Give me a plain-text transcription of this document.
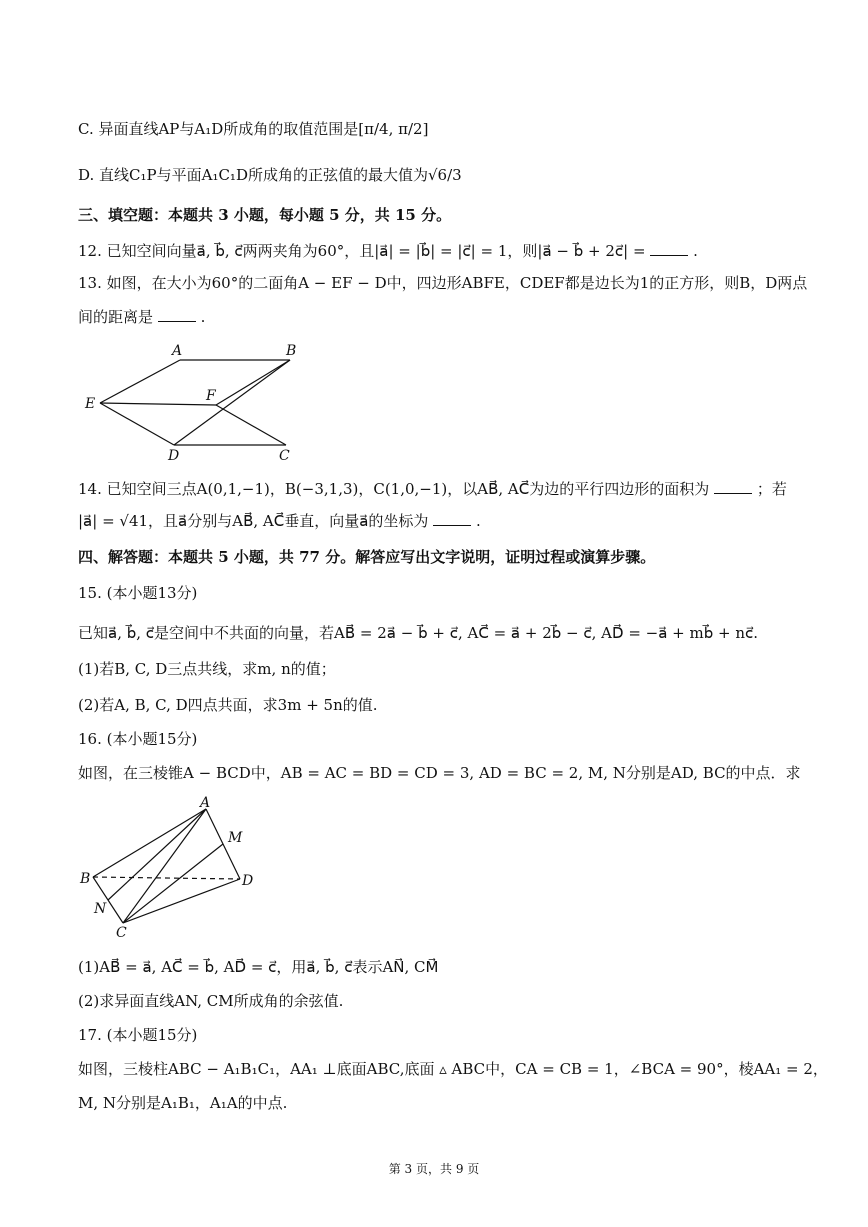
C. 异面直线AP与A₁D所成角的取值范围是[π/4, π/2]
D. 直线C₁P与平面A₁C₁D所成角的正弦值的最大值为√6/3
三、填空题：本题共 3 小题，每小题 5 分，共 15 分。
12. 已知空间向量a⃗, b⃗, c⃗两两夹角为60°，且|a⃗| = |b⃗| = |c⃗| = 1，则|a⃗ − b⃗ + 2c⃗| =	.
13. 如图，在大小为60°的二面角A − EF − D中，四边形ABFE，CDEF都是边长为1的正方形，则B，D两点
间的距离是	.
A	B
E	F
D	C
14. 已知空间三点A(0,1,−1)，B(−3,1,3)，C(1,0,−1)，以AB⃗, AC⃗为边的平行四边形的面积为	；若
|a⃗| = √41，且a⃗分别与AB⃗, AC⃗垂直，向量a⃗的坐标为	.
四、解答题：本题共 5 小题，共 77 分。解答应写出文字说明，证明过程或演算步骤。
15. (本小题13分)
已知a⃗, b⃗, c⃗是空间中不共面的向量，若AB⃗ = 2a⃗ − b⃗ + c⃗, AC⃗ = a⃗ + 2b⃗ − c⃗, AD⃗ = −a⃗ + mb⃗ + nc⃗.
(1)若B, C, D三点共线，求m, n的值；
(2)若A, B, C, D四点共面，求3m + 5n的值.
16. (本小题15分)
如图，在三棱锥A − BCD中，AB = AC = BD = CD = 3, AD = BC = 2, M, N分别是AD, BC的中点．求
A
M
B	D
N
C
(1)AB⃗ = a⃗, AC⃗ = b⃗, AD⃗ = c⃗，用a⃗, b⃗, c⃗表示AN⃗, CM⃗
(2)求异面直线AN, CM所成角的余弦值.
17. (本小题15分)
如图，三棱柱ABC − A₁B₁C₁，AA₁ ⊥底面ABC,底面 ▵ ABC中，CA = CB = 1，∠BCA = 90°，棱AA₁ = 2，
M, N分别是A₁B₁，A₁A的中点.
第 3 页，共 9 页
